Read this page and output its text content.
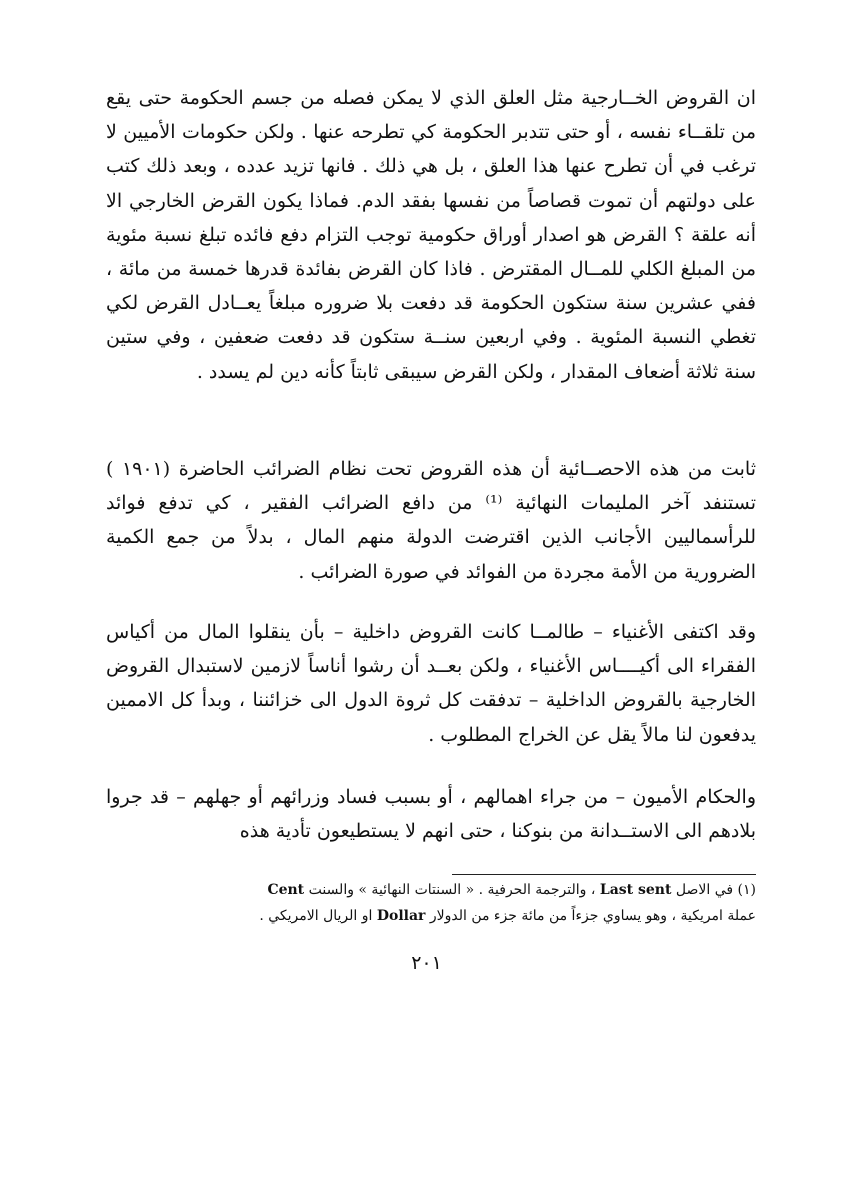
ان القروض الخــارجية مثل العلق الذي لا يمكن فصله من جسم الحكومة حتى يقع من تلقــاء نفسه ، أو حتى تتدبر الحكومة كي تطرحه عنها . ولكن حكومات الأميين لا ترغب في أن تطرح عنها هذا العلق ، بل هي ذلك . فانها تزيد عدده ، وبعد ذلك كتب على دولتهم أن تموت قصاصاً من نفسها بفقد الدم. فماذا يكون القرض الخارجي الا أنه علقة ؟ القرض هو اصدار أوراق حكومية توجب التزام دفع فائده تبلغ نسبة مئوية من المبلغ الكلي للمــال المقترض . فاذا كان القرض بفائدة قدرها خمسة من مائة ، ففي عشرين سنة ستكون الحكومة قد دفعت بلا ضروره مبلغاً يعــادل القرض لكي تغطي النسبة المئوية . وفي اربعين سنــة ستكون قد دفعت ضعفين ، وفي ستين سنة ثلاثة أضعاف المقدار ، ولكن القرض سيبقى ثابتاً كأنه دين لم يسدد .

ثابت من هذه الاحصــائية أن هذه القروض تحت نظام الضرائب الحاضرة (١٩٠١ ) تستنفد آخر المليمات النهائية ⁽¹⁾ من دافع الضرائب الفقير ، كي تدفع فوائد للرأسماليين الأجانب الذين اقترضت الدولة منهم المال ، بدلاً من جمع الكمية الضرورية من الأمة مجردة من الفوائد في صورة الضرائب .

وقد اكتفى الأغنياء – طالمــا كانت القروض داخلية – بأن ينقلوا المال من أكياس الفقراء الى أكيــــاس الأغنياء ، ولكن بعــد أن رشوا أناساً لازمين لاستبدال القروض الخارجية بالقروض الداخلية – تدفقت كل ثروة الدول الى خزائننا ، وبدأ كل الاممين يدفعون لنا مالاً يقل عن الخراج المطلوب .

والحكام الأميون – من جراء اهمالهم ، أو بسبب فساد وزرائهم أو جهلهم – قد جروا بلادهم الى الاستــدانة من بنوكنا ، حتى انهم لا يستطيعون تأدية هذه

(١) في الاصل Last sent ، والترجمة الحرفية . « السنتات النهائية » والسنت Cent
عملة امريكية ، وهو يساوي جزءاً من مائة جزء من الدولار Dollar او الريال الامريكي .
٢٠١
